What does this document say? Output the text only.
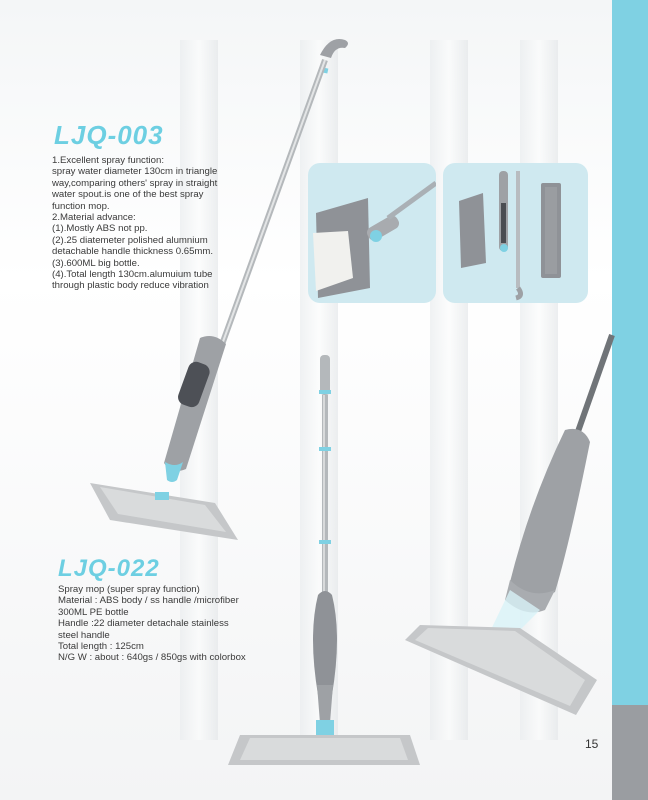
LJQ-003
1.Excellent spray function:
spray water diameter 130cm in triangle
way,comparing others' spray in straight
water spout.is one of the best spray
function mop.
2.Material advance:
(1).Mostly ABS not pp.
(2).25 diatemeter polished alumnium
detachable handle thickness 0.65mm.
(3).600ML big bottle.
(4).Total length 130cm.alumuium tube
through plastic body reduce vibration
LJQ-022
Spray mop (super spray function)
Material : ABS body / ss handle /microfiber
300ML PE bottle
Handle :22 diameter detachale stainless
steel handle
Total length : 125cm
N/G W : about : 640gs / 850gs with colorbox
15
